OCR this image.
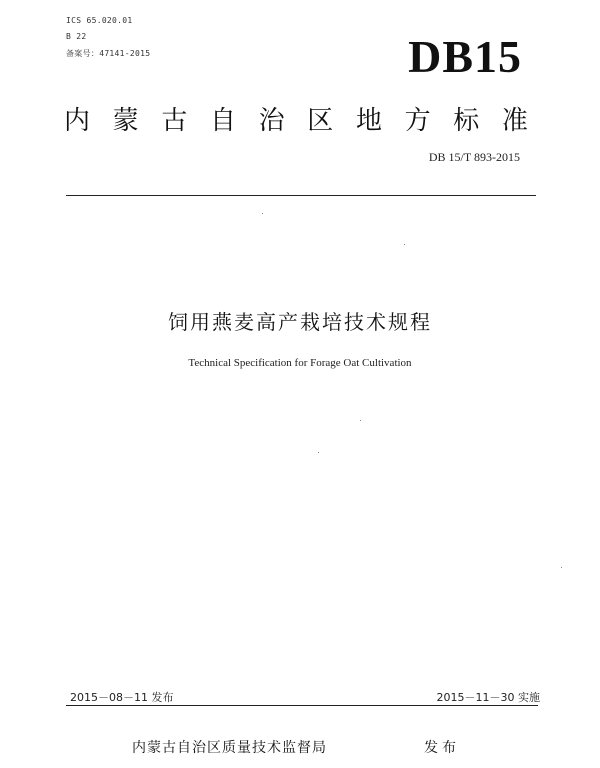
ICS 65.020.01
B 22
备案号：47141-2015	DB15
内 蒙 古 自 治 区 地 方 标 准
DB 15/T 893-2015
饲用燕麦高产栽培技术规程
Technical Specification for Forage Oat Cultivation
2015－08－11 发布	2015－11－30 实施
内蒙古自治区质量技术监督局	发布
